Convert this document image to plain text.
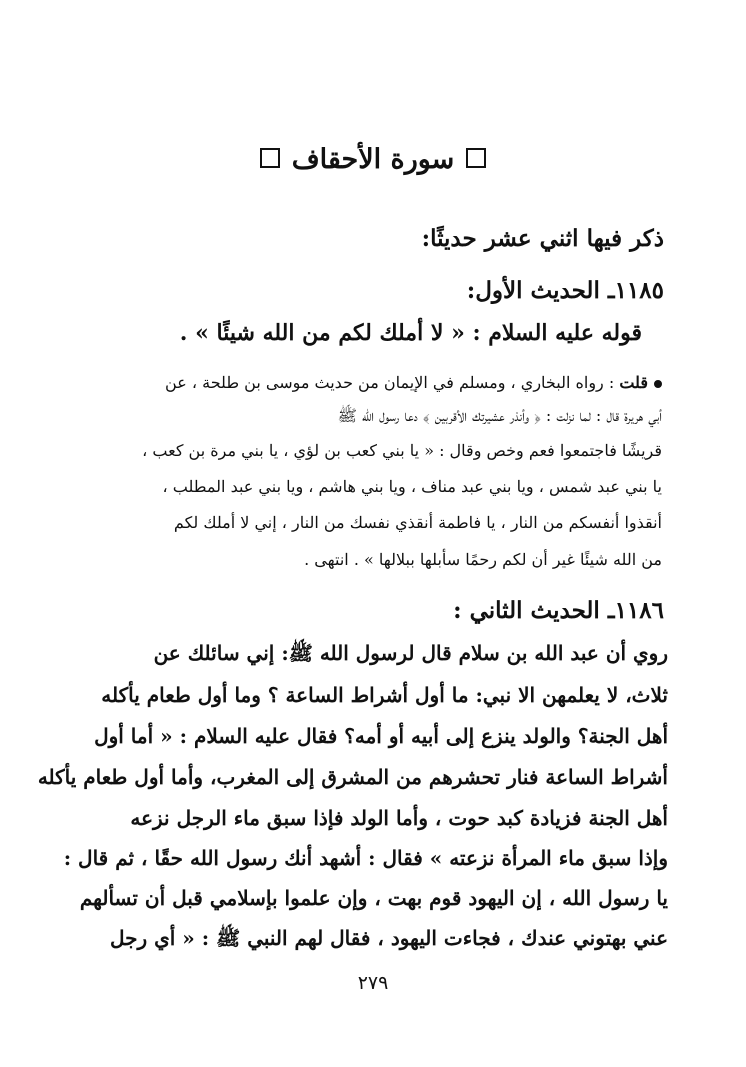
سورة الأحقاف
ذكر فيها اثني عشر حديثًا:
١١٨٥ـ الحديث الأول:
قوله عليه السلام : « لا أملك لكم من الله شيئًا » .
قلت : رواه البخاري ، ومسلم في الإيمان من حديث موسى بن طلحة ، عن
أبي هريرة قال : لما نزلت : ﴿ وأنذر عشيرتك الأقربين ﴾ دعا رسول الله ﷺ
قريشًا فاجتمعوا فعم وخص وقال : « يا بني كعب بن لؤي ، يا بني مرة بن كعب ،
يا بني عبد شمس ، ويا بني عبد مناف ، ويا بني هاشم ، ويا بني عبد المطلب ،
أنقذوا أنفسكم من النار ، يا فاطمة أنقذي نفسك من النار ، إني لا أملك لكم
من الله شيئًا غير أن لكم رحمًا سأبلها ببلالها » . انتهى .
١١٨٦ـ الحديث الثاني :
روي أن عبد الله بن سلام قال لرسول الله ﷺ: إني سائلك عن
ثلاث، لا يعلمهن الا نبي: ما أول أشراط الساعة ؟ وما أول طعام يأكله
أهل الجنة؟ والولد ينزع إلى أبيه أو أمه؟ فقال عليه السلام : « أما أول
أشراط الساعة فنار تحشرهم من المشرق إلى المغرب، وأما أول طعام يأكله
أهل الجنة فزيادة كبد حوت ، وأما الولد فإذا سبق ماء الرجل نزعه
وإذا سبق ماء المرأة نزعته » فقال : أشهد أنك رسول الله حقًا ، ثم قال :
يا رسول الله ، إن اليهود قوم بهت ، وإن علموا بإسلامي قبل أن تسألهم
عني بهتوني عندك ، فجاءت اليهود ، فقال لهم النبي ﷺ : « أي رجل
٢٧٩
